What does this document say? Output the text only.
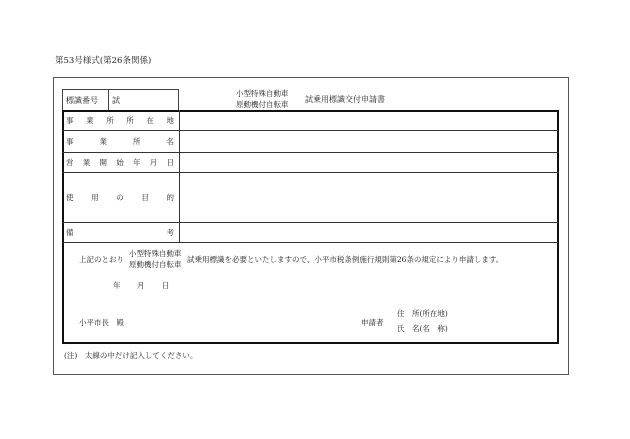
第53号様式(第26条関係)
標識番号 試
小型特殊自動車
原動機付自転車
試乗用標識交付申請書
事 業 所 所 在 地
事	業	所	名
営 業 開 始 年 月 日
使 用 の 目 的
備	考
上記のとおり
小型特殊自動車
原動機付自転車
試乗用標識を必要といたしますので、小平市税条例施行規則第26条の規定により申請します。
年 月 日
小平市長　殿	申請者
住　所(所在地)
氏　名(名　称)
(注)　太線の中だけ記入してください。
